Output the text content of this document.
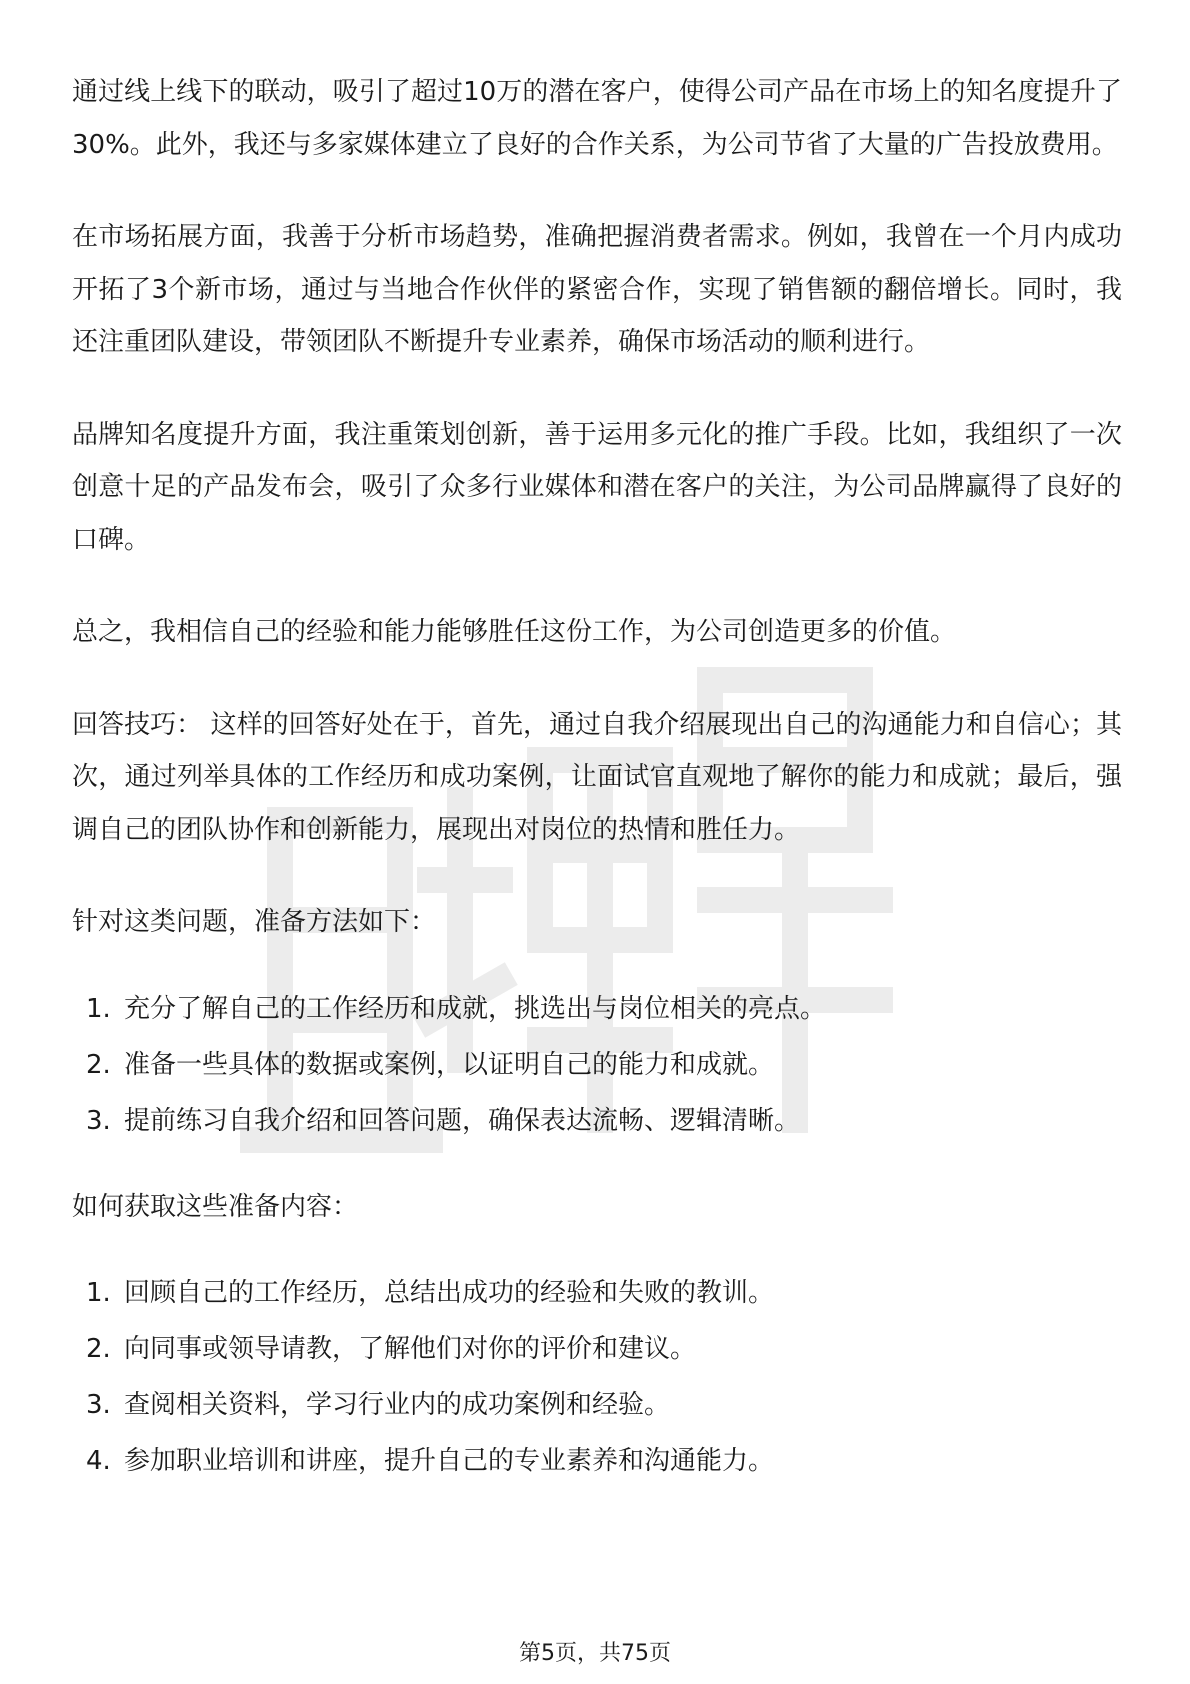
通过线上线下的联动，吸引了超过10万的潜在客户，使得公司产品在市场上的知名度提升了30%。此外，我还与多家媒体建立了良好的合作关系，为公司节省了大量的广告投放费用。

在市场拓展方面，我善于分析市场趋势，准确把握消费者需求。例如，我曾在一个月内成功开拓了3个新市场，通过与当地合作伙伴的紧密合作，实现了销售额的翻倍增长。同时，我还注重团队建设，带领团队不断提升专业素养，确保市场活动的顺利进行。

品牌知名度提升方面，我注重策划创新，善于运用多元化的推广手段。比如，我组织了一次创意十足的产品发布会，吸引了众多行业媒体和潜在客户的关注，为公司品牌赢得了良好的口碑。

总之，我相信自己的经验和能力能够胜任这份工作，为公司创造更多的价值。

回答技巧： 这样的回答好处在于，首先，通过自我介绍展现出自己的沟通能力和自信心；其次，通过列举具体的工作经历和成功案例，让面试官直观地了解你的能力和成就；最后，强调自己的团队协作和创新能力，展现出对岗位的热情和胜任力。

针对这类问题，准备方法如下：

1. 充分了解自己的工作经历和成就，挑选出与岗位相关的亮点。
2. 准备一些具体的数据或案例，以证明自己的能力和成就。
3. 提前练习自我介绍和回答问题，确保表达流畅、逻辑清晰。

如何获取这些准备内容：

1. 回顾自己的工作经历，总结出成功的经验和失败的教训。
2. 向同事或领导请教，了解他们对你的评价和建议。
3. 查阅相关资料，学习行业内的成功案例和经验。
4. 参加职业培训和讲座，提升自己的专业素养和沟通能力。
第5页，共75页
